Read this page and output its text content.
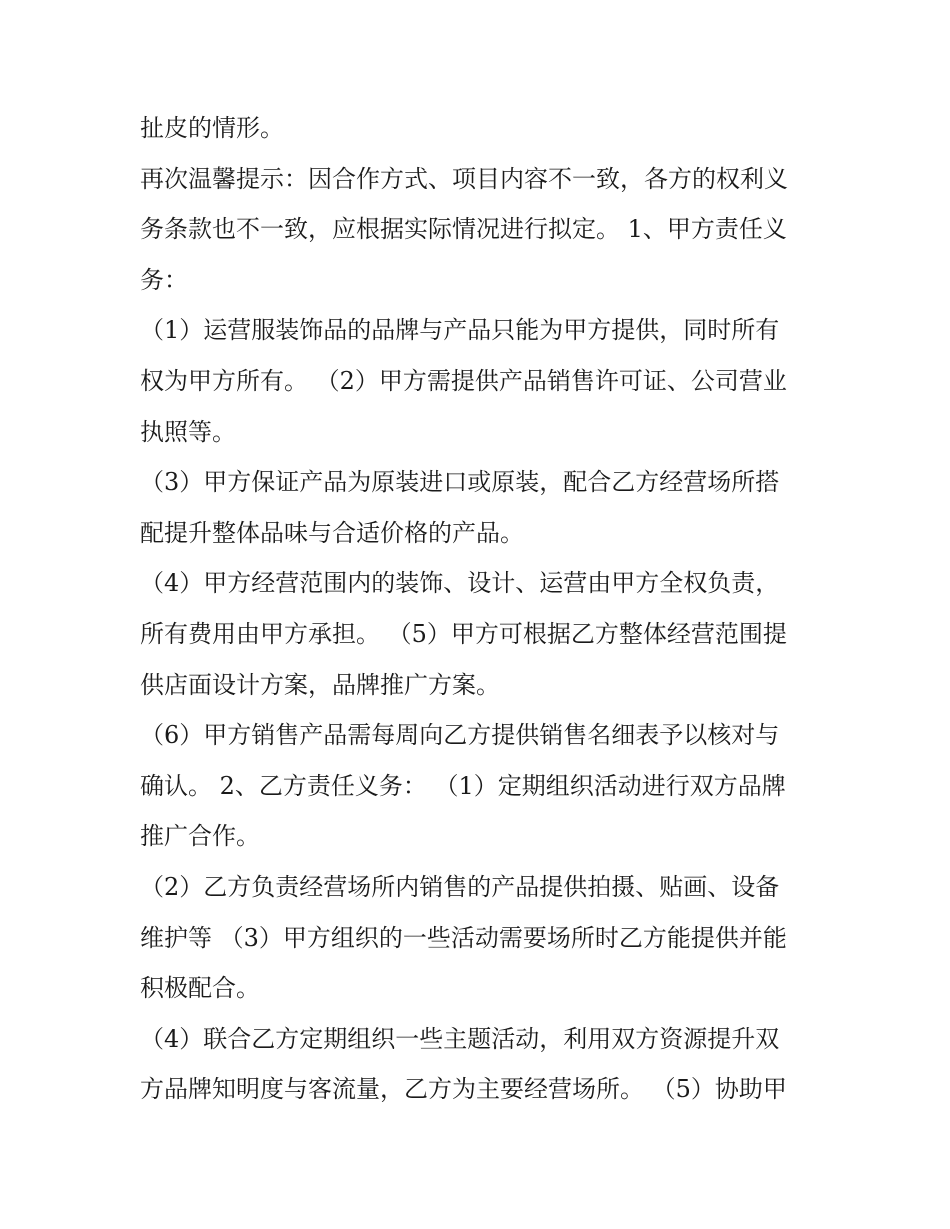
扯皮的情形。
再次温馨提示：因合作方式、项目内容不一致，各方的权利义
务条款也不一致，应根据实际情况进行拟定。 1、甲方责任义
务：
（1）运营服装饰品的品牌与产品只能为甲方提供，同时所有
权为甲方所有。 （2）甲方需提供产品销售许可证、公司营业
执照等。
（3）甲方保证产品为原装进口或原装，配合乙方经营场所搭
配提升整体品味与合适价格的产品。
（4）甲方经营范围内的装饰、设计、运营由甲方全权负责，
所有费用由甲方承担。 （5）甲方可根据乙方整体经营范围提
供店面设计方案，品牌推广方案。
（6）甲方销售产品需每周向乙方提供销售名细表予以核对与
确认。 2、乙方责任义务： （1）定期组织活动进行双方品牌
推广合作。
（2）乙方负责经营场所内销售的产品提供拍摄、贴画、设备
维护等 （3）甲方组织的一些活动需要场所时乙方能提供并能
积极配合。
（4）联合乙方定期组织一些主题活动，利用双方资源提升双
方品牌知明度与客流量，乙方为主要经营场所。 （5）协助甲
